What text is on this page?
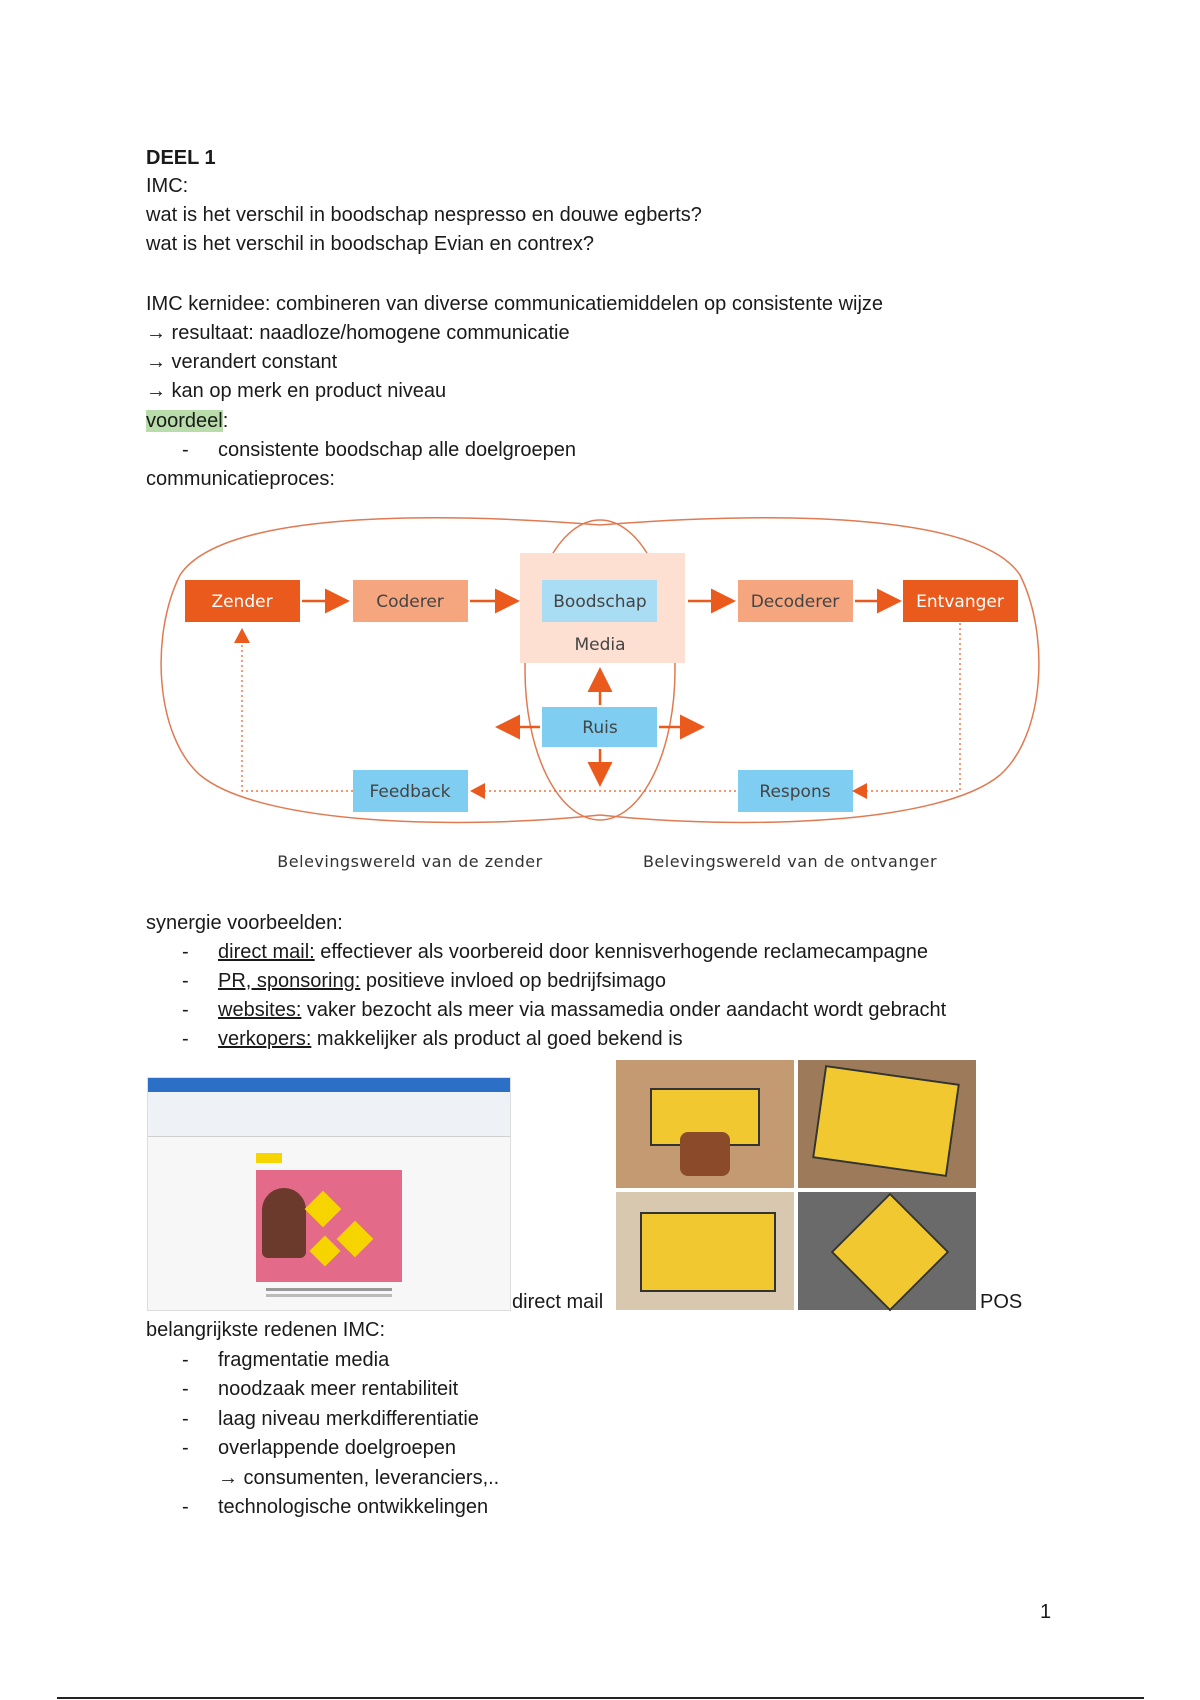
DEEL 1
IMC:
wat is het verschil in boodschap nespresso en douwe egberts?
wat is het verschil in boodschap Evian en contrex?
IMC kernidee: combineren van diverse communicatiemiddelen op consistente wijze
→ resultaat: naadloze/homogene communicatie
→ verandert constant
→ kan op merk en product niveau
voordeel:
- consistente boodschap alle doelgroepen
communicatieproces:
Zender	Coderer	Boodschap
Media
Decoderer	Entvanger
Ruis
Feedback	Respons
Belevingswereld van de zender	Belevingswereld van de ontvanger
synergie voorbeelden:
- direct mail: effectiever als voorbereid door kennisverhogende reclamecampagne
- PR, sponsoring: positieve invloed op bedrijfsimago
- websites: vaker bezocht als meer via massamedia onder aandacht wordt gebracht
- verkopers: makkelijker als product al goed bekend is
direct mail	POS
belangrijkste redenen IMC:
- fragmentatie media
- noodzaak meer rentabiliteit
- laag niveau merkdifferentiatie
- overlappende doelgroepen
→ consumenten, leveranciers,..
- technologische ontwikkelingen
1
